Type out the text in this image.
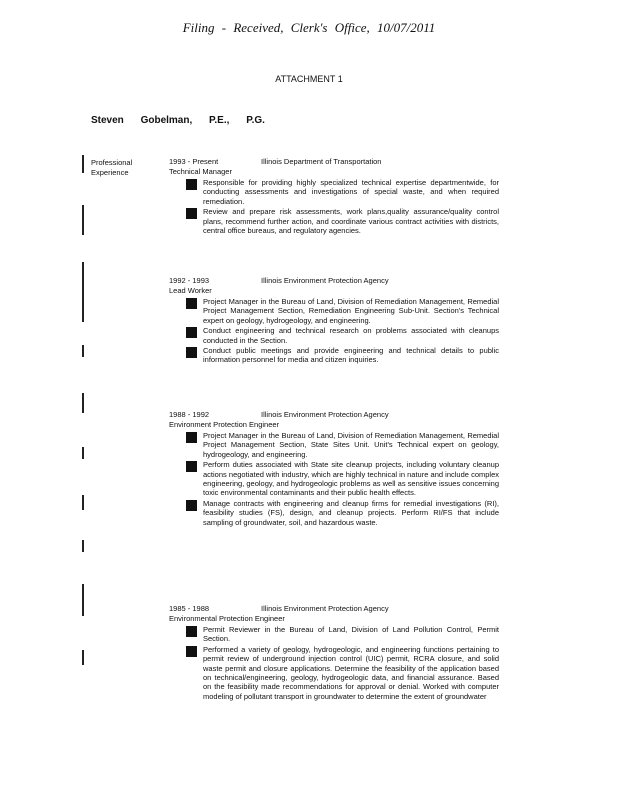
Filing - Received, Clerk's Office, 10/07/2011
ATTACHMENT 1
Steven Gobelman, P.E., P.G.
Professional Experience
1993 - Present	Illinois Department of Transportation
Technical Manager
Responsible for providing highly specialized technical expertise departmentwide, for conducting assessments and investigations of special waste, and when required remediation.
Review and prepare risk assessments, work plans,quality assurance/quality control plans, recommend further action, and coordinate various contract activities with districts, central office bureaus, and regulatory agencies.
1992 - 1993	Illinois Environment Protection Agency
Lead Worker
Project Manager in the Bureau of Land, Division of Remediation Management, Remedial Project Management Section, Remediation Engineering Sub-Unit. Section's Technical expert on geology, hydrogeology, and engineering.
Conduct engineering and technical research on problems associated with cleanups conducted in the Section.
Conduct public meetings and provide engineering and technical details to public information personnel for media and citizen inquiries.
1988 - 1992	Illinois Environment Protection Agency
Environment Protection Engineer
Project Manager in the Bureau of Land, Division of Remediation Management, Remedial Project Management Section, State Sites Unit. Unit's Technical expert on geology, hydrogeology, and engineering.
Perform duties associated with State site cleanup projects, including voluntary cleanup actions negotiated with industry, which are highly technical in nature and include complex engineering, geology, and hydrogeologic problems as well as sensitive issues concerning toxic environmental contaminants and their public health effects.
Manage contracts with engineering and cleanup firms for remedial investigations (RI), feasibility studies (FS), design, and cleanup projects. Perform RI/FS that include sampling of groundwater, soil, and hazardous waste.
1985 - 1988	Illinois Environment Protection Agency
Environmental Protection Engineer
Permit Reviewer in the Bureau of Land, Division of Land Pollution Control, Permit Section.
Performed a variety of geology, hydrogeologic, and engineering functions pertaining to permit review of underground injection control (UIC) permit, RCRA closure, and solid waste permit and closure applications. Determine the feasibility of the application based on technical/engineering, geology, hydrogeologic data, and financial assurance. Based on the feasibility made recommendations for approval or denial. Worked with computer modeling of pollutant transport in groundwater to determine the extent of groundwater
